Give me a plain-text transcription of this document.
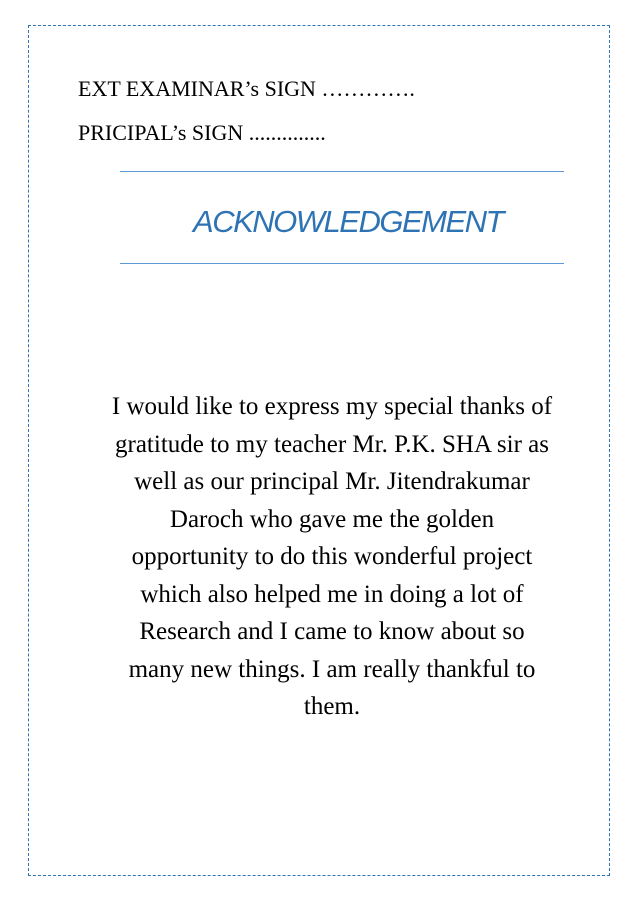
EXT EXAMINAR’s SIGN ………….
PRICIPAL’s SIGN ..............
ACKNOWLEDGEMENT
I would like to express my special thanks of
gratitude to my teacher Mr. P.K. SHA sir as
well as our principal Mr. Jitendrakumar
Daroch who gave me the golden
opportunity to do this wonderful project
which also helped me in doing a lot of
Research and I came to know about so
many new things. I am really thankful to
them.
